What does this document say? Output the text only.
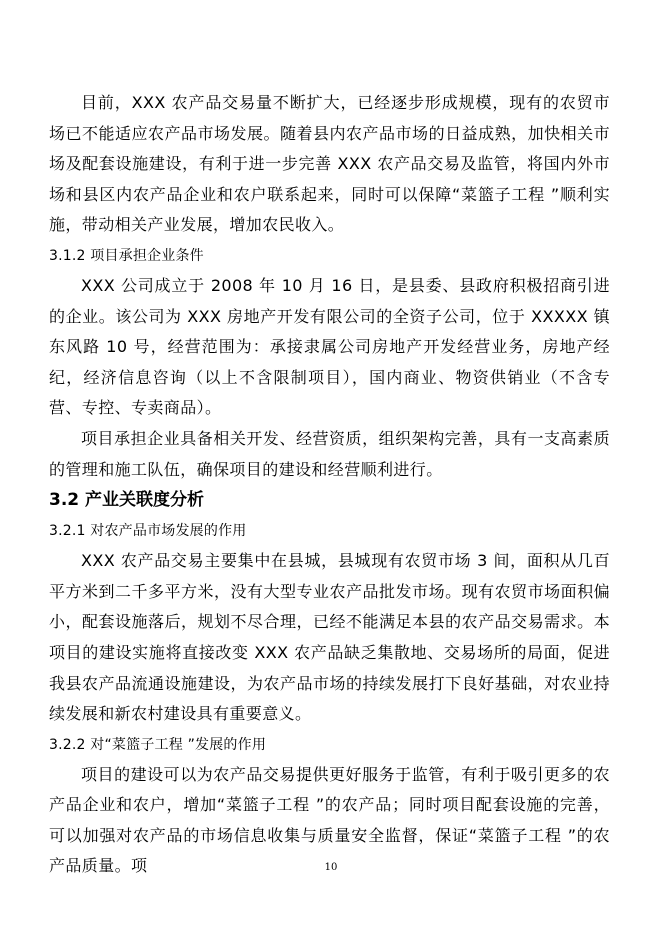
目前，XXX 农产品交易量不断扩大，已经逐步形成规模，现有的农贸市场已不能适应农产品市场发展。随着县内农产品市场的日益成熟，加快相关市场及配套设施建设，有利于进一步完善 XXX 农产品交易及监管，将国内外市场和县区内农产品企业和农户联系起来，同时可以保障“菜篮子工程 ”顺利实施，带动相关产业发展，增加农民收入。

3.1.2 项目承担企业条件

XXX 公司成立于 2008 年 10 月 16 日，是县委、县政府积极招商引进的企业。该公司为 XXX 房地产开发有限公司的全资子公司，位于 XXXXX 镇东风路 10 号，经营范围为：承接隶属公司房地产开发经营业务，房地产经纪，经济信息咨询（以上不含限制项目），国内商业、物资供销业（不含专营、专控、专卖商品）。

项目承担企业具备相关开发、经营资质，组织架构完善，具有一支高素质的管理和施工队伍，确保项目的建设和经营顺利进行。

3.2 产业关联度分析
3.2.1 对农产品市场发展的作用

XXX 农产品交易主要集中在县城，县城现有农贸市场 3 间，面积从几百平方米到二千多平方米，没有大型专业农产品批发市场。现有农贸市场面积偏小，配套设施落后，规划不尽合理，已经不能满足本县的农产品交易需求。本项目的建设实施将直接改变 XXX 农产品缺乏集散地、交易场所的局面，促进我县农产品流通设施建设，为农产品市场的持续发展打下良好基础，对农业持续发展和新农村建设具有重要意义。

3.2.2 对“菜篮子工程 ”发展的作用

项目的建设可以为农产品交易提供更好服务于监管，有利于吸引更多的农产品企业和农户，增加“菜篮子工程 ”的农产品；同时项目配套设施的完善，可以加强对农产品的市场信息收集与质量安全监督，保证“菜篮子工程 ”的农产品质量。项	10
